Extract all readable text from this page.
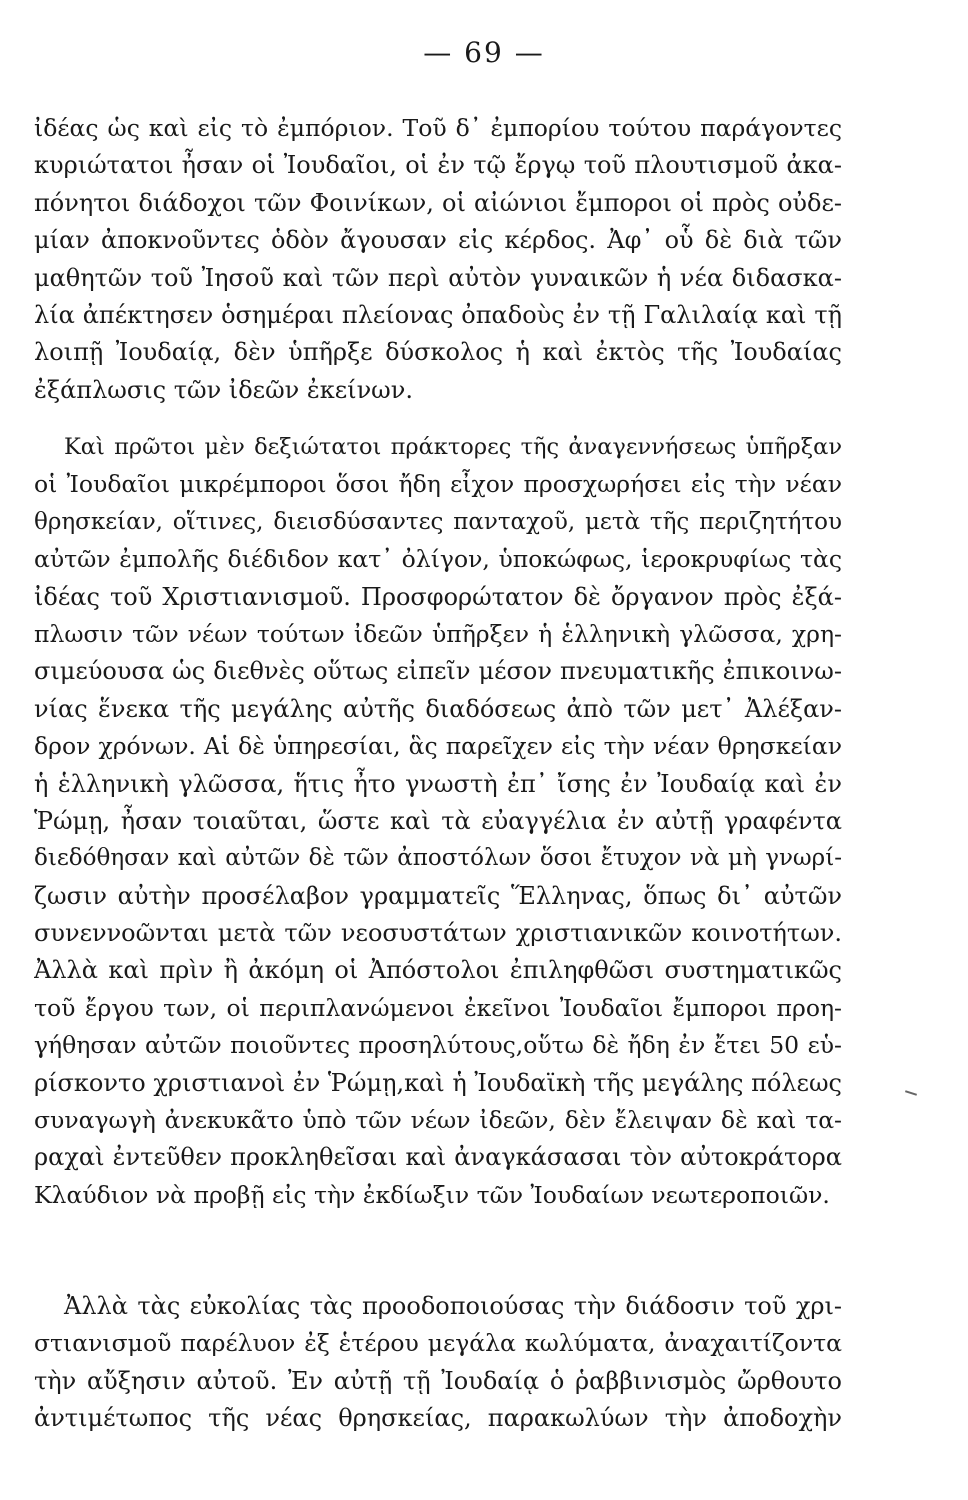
— 69 —
ἰδέας ὡς καὶ εἰς τὸ ἐμπόριον. Τοῦ δ᾽ ἐμπορίου τούτου παράγοντες
κυριώτατοι ἦσαν οἱ Ἰουδαῖοι, οἱ ἐν τῷ ἔργῳ τοῦ πλουτισμοῦ ἀκα-
πόνητοι διάδοχοι τῶν Φοινίκων, οἱ αἰώνιοι ἔμποροι οἱ πρὸς οὐδε-
μίαν ἀποκνοῦντες ὁδὸν ἄγουσαν εἰς κέρδος. Ἀφ᾽ οὗ δὲ διὰ τῶν
μαθητῶν τοῦ Ἰησοῦ καὶ τῶν περὶ αὐτὸν γυναικῶν ἡ νέα διδασκα-
λία ἀπέκτησεν ὁσημέραι πλείονας ὀπαδοὺς ἐν τῇ Γαλιλαίᾳ καὶ τῇ
λοιπῇ Ἰουδαίᾳ, δὲν ὑπῆρξε δύσκολος ἡ καὶ ἐκτὸς τῆς Ἰουδαίας
ἐξάπλωσις τῶν ἰδεῶν ἐκείνων.
Καὶ πρῶτοι μὲν δεξιώτατοι πράκτορες τῆς ἀναγεννήσεως ὑπῆρξαν
οἱ Ἰουδαῖοι μικρέμποροι ὅσοι ἤδη εἶχον προσχωρήσει εἰς τὴν νέαν
θρησκείαν, οἵτινες, διεισδύσαντες πανταχοῦ, μετὰ τῆς περιζητήτου
αὐτῶν ἐμπολῆς διέδιδον κατ᾽ ὀλίγον, ὑποκώφως, ἱεροκρυφίως τὰς
ἰδέας τοῦ Χριστιανισμοῦ. Προσφορώτατον δὲ ὄργανον πρὸς ἐξά-
πλωσιν τῶν νέων τούτων ἰδεῶν ὑπῆρξεν ἡ ἑλληνικὴ γλῶσσα, χρη-
σιμεύουσα ὡς διεθνὲς οὕτως εἰπεῖν μέσον πνευματικῆς ἐπικοινω-
νίας ἕνεκα τῆς μεγάλης αὐτῆς διαδόσεως ἀπὸ τῶν μετ᾽ Ἀλέξαν-
δρον χρόνων. Αἱ δὲ ὑπηρεσίαι, ἃς παρεῖχεν εἰς τὴν νέαν θρησκείαν
ἡ ἑλληνικὴ γλῶσσα, ἥτις ἦτο γνωστὴ ἐπ᾽ ἴσης ἐν Ἰουδαίᾳ καὶ ἐν
Ῥώμῃ, ἦσαν τοιαῦται, ὥστε καὶ τὰ εὐαγγέλια ἐν αὐτῇ γραφέντα
διεδόθησαν καὶ αὐτῶν δὲ τῶν ἀποστόλων ὅσοι ἔτυχον νὰ μὴ γνωρί-
ζωσιν αὐτὴν προσέλαβον γραμματεῖς Ἕλληνας, ὅπως δι᾽ αὐτῶν
συνεννοῶνται μετὰ τῶν νεοσυστάτων χριστιανικῶν κοινοτήτων.
Ἀλλὰ καὶ πρὶν ἢ ἀκόμη οἱ Ἀπόστολοι ἐπιληφθῶσι συστηματικῶς
τοῦ ἔργου των, οἱ περιπλανώμενοι ἐκεῖνοι Ἰουδαῖοι ἔμποροι προη-
γήθησαν αὐτῶν ποιοῦντες προσηλύτους,οὕτω δὲ ἤδη ἐν ἔτει 50 εὑ-
ρίσκοντο χριστιανοὶ ἐν Ῥώμῃ,καὶ ἡ Ἰουδαϊκὴ τῆς μεγάλης πόλεως
συναγωγὴ ἀνεκυκᾶτο ὑπὸ τῶν νέων ἰδεῶν, δὲν ἔλειψαν δὲ καὶ τα-
ραχαὶ ἐντεῦθεν προκληθεῖσαι καὶ ἀναγκάσασαι τὸν αὐτοκράτορα
Κλαύδιον νὰ προβῇ εἰς τὴν ἐκδίωξιν τῶν Ἰουδαίων νεωτεροποιῶν.
Ἀλλὰ τὰς εὐκολίας τὰς προοδοποιούσας τὴν διάδοσιν τοῦ χρι-
στιανισμοῦ παρέλυον ἐξ ἑτέρου μεγάλα κωλύματα, ἀναχαιτίζοντα
τὴν αὔξησιν αὐτοῦ. Ἐν αὐτῇ τῇ Ἰουδαίᾳ ὁ ῥαββινισμὸς ὤρθουτο
ἀντιμέτωπος τῆς νέας θρησκείας, παρακωλύων τὴν ἀποδοχὴν
